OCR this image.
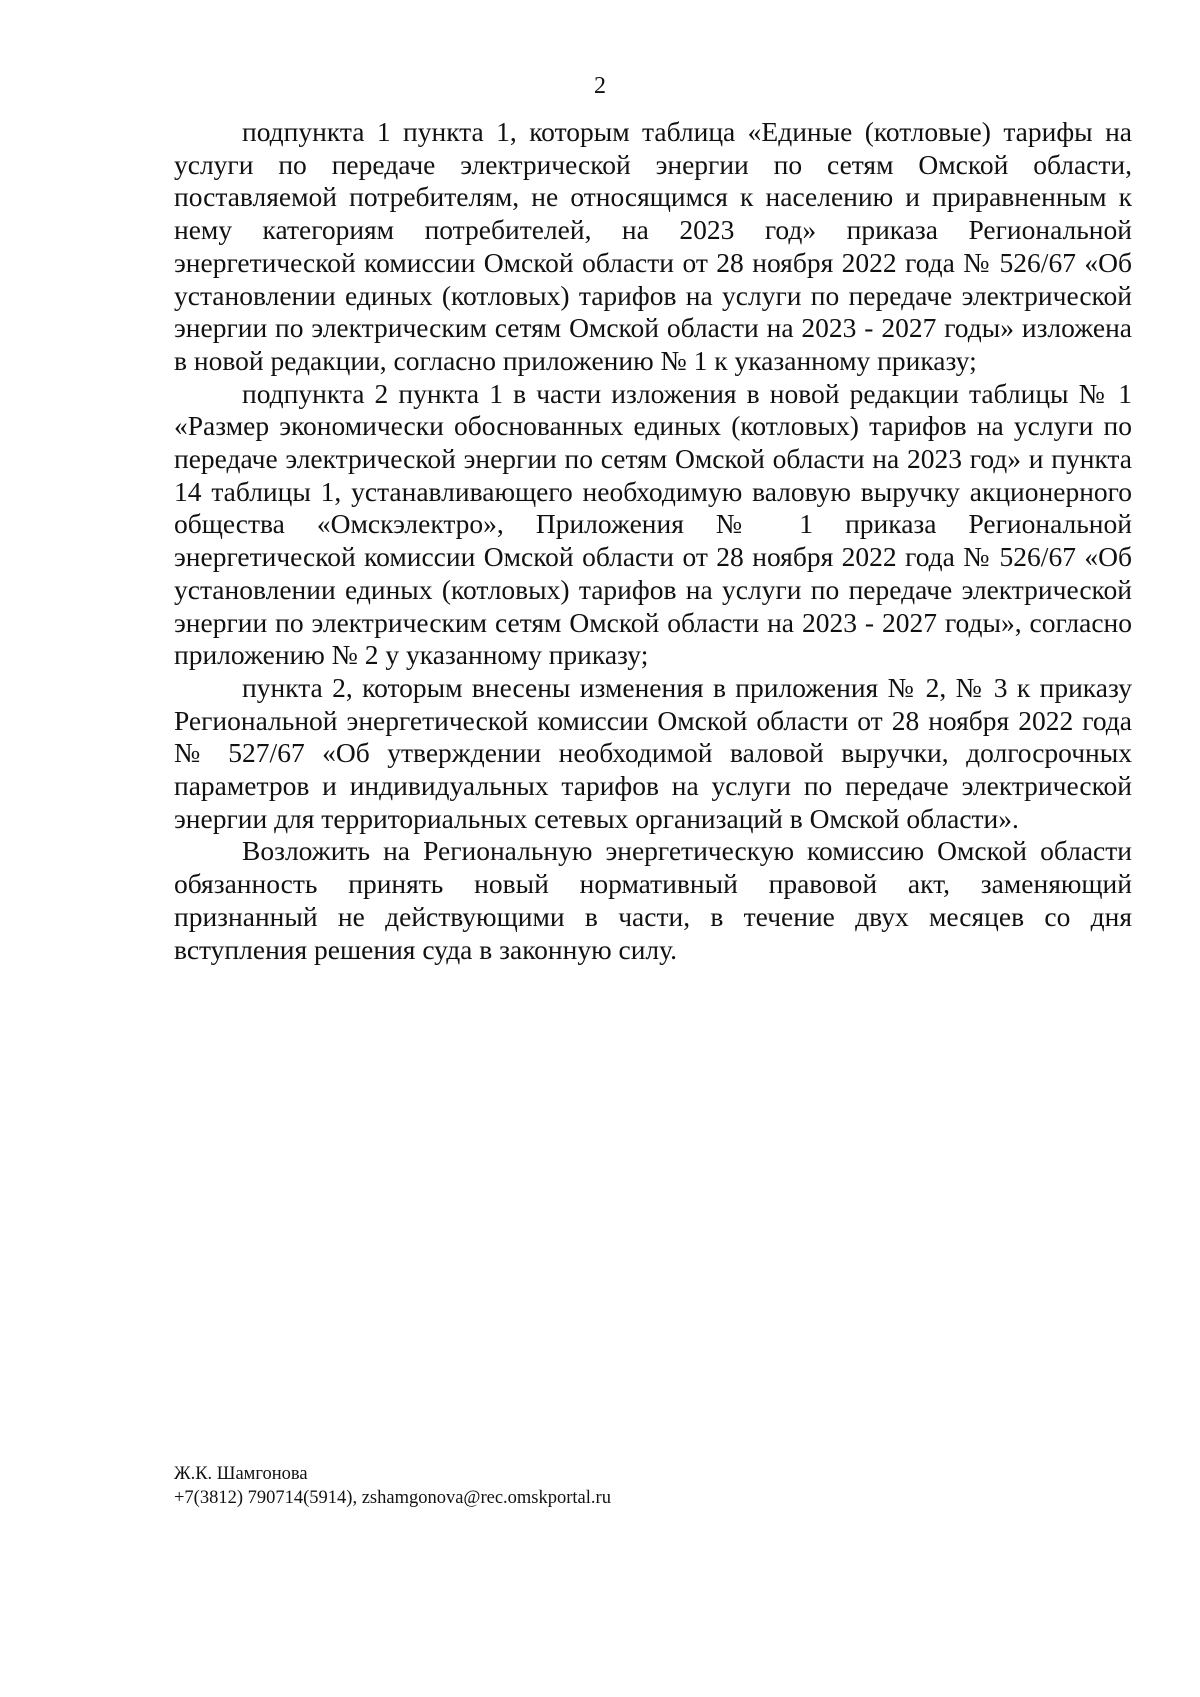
2

подпункта 1 пункта 1, которым таблица «Единые (котловые) тарифы на услуги по передаче электрической энергии по сетям Омской области, поставляемой потребителям, не относящимся к населению и приравненным к нему категориям потребителей, на 2023 год» приказа Региональной энергетической комиссии Омской области от 28 ноября 2022 года № 526/67 «Об установлении единых (котловых) тарифов на услуги по передаче электрической энергии по электрическим сетям Омской области на 2023 - 2027 годы» изложена в новой редакции, согласно приложению № 1 к указанному приказу;

подпункта 2 пункта 1 в части изложения в новой редакции таблицы № 1 «Размер экономически обоснованных единых (котловых) тарифов на услуги по передаче электрической энергии по сетям Омской области на 2023 год» и пункта 14 таблицы 1, устанавливающего необходимую валовую выручку акционерного общества «Омскэлектро», Приложения № 1 приказа Региональной энергетической комиссии Омской области от 28 ноября 2022 года № 526/67 «Об установлении единых (котловых) тарифов на услуги по передаче электрической энергии по электрическим сетям Омской области на 2023 - 2027 годы», согласно приложению № 2 у указанному приказу;

пункта 2, которым внесены изменения в приложения № 2, № 3 к приказу Региональной энергетической комиссии Омской области от 28 ноября 2022 года № 527/67 «Об утверждении необходимой валовой выручки, долгосрочных параметров и индивидуальных тарифов на услуги по передаче электрической энергии для территориальных сетевых организаций в Омской области».

Возложить на Региональную энергетическую комиссию Омской области обязанность принять новый нормативный правовой акт, заменяющий признанный не действующими в части, в течение двух месяцев со дня вступления решения суда в законную силу.

Ж.К. Шамгонова
+7(3812) 790714(5914), zshamgonova@rec.omskportal.ru
